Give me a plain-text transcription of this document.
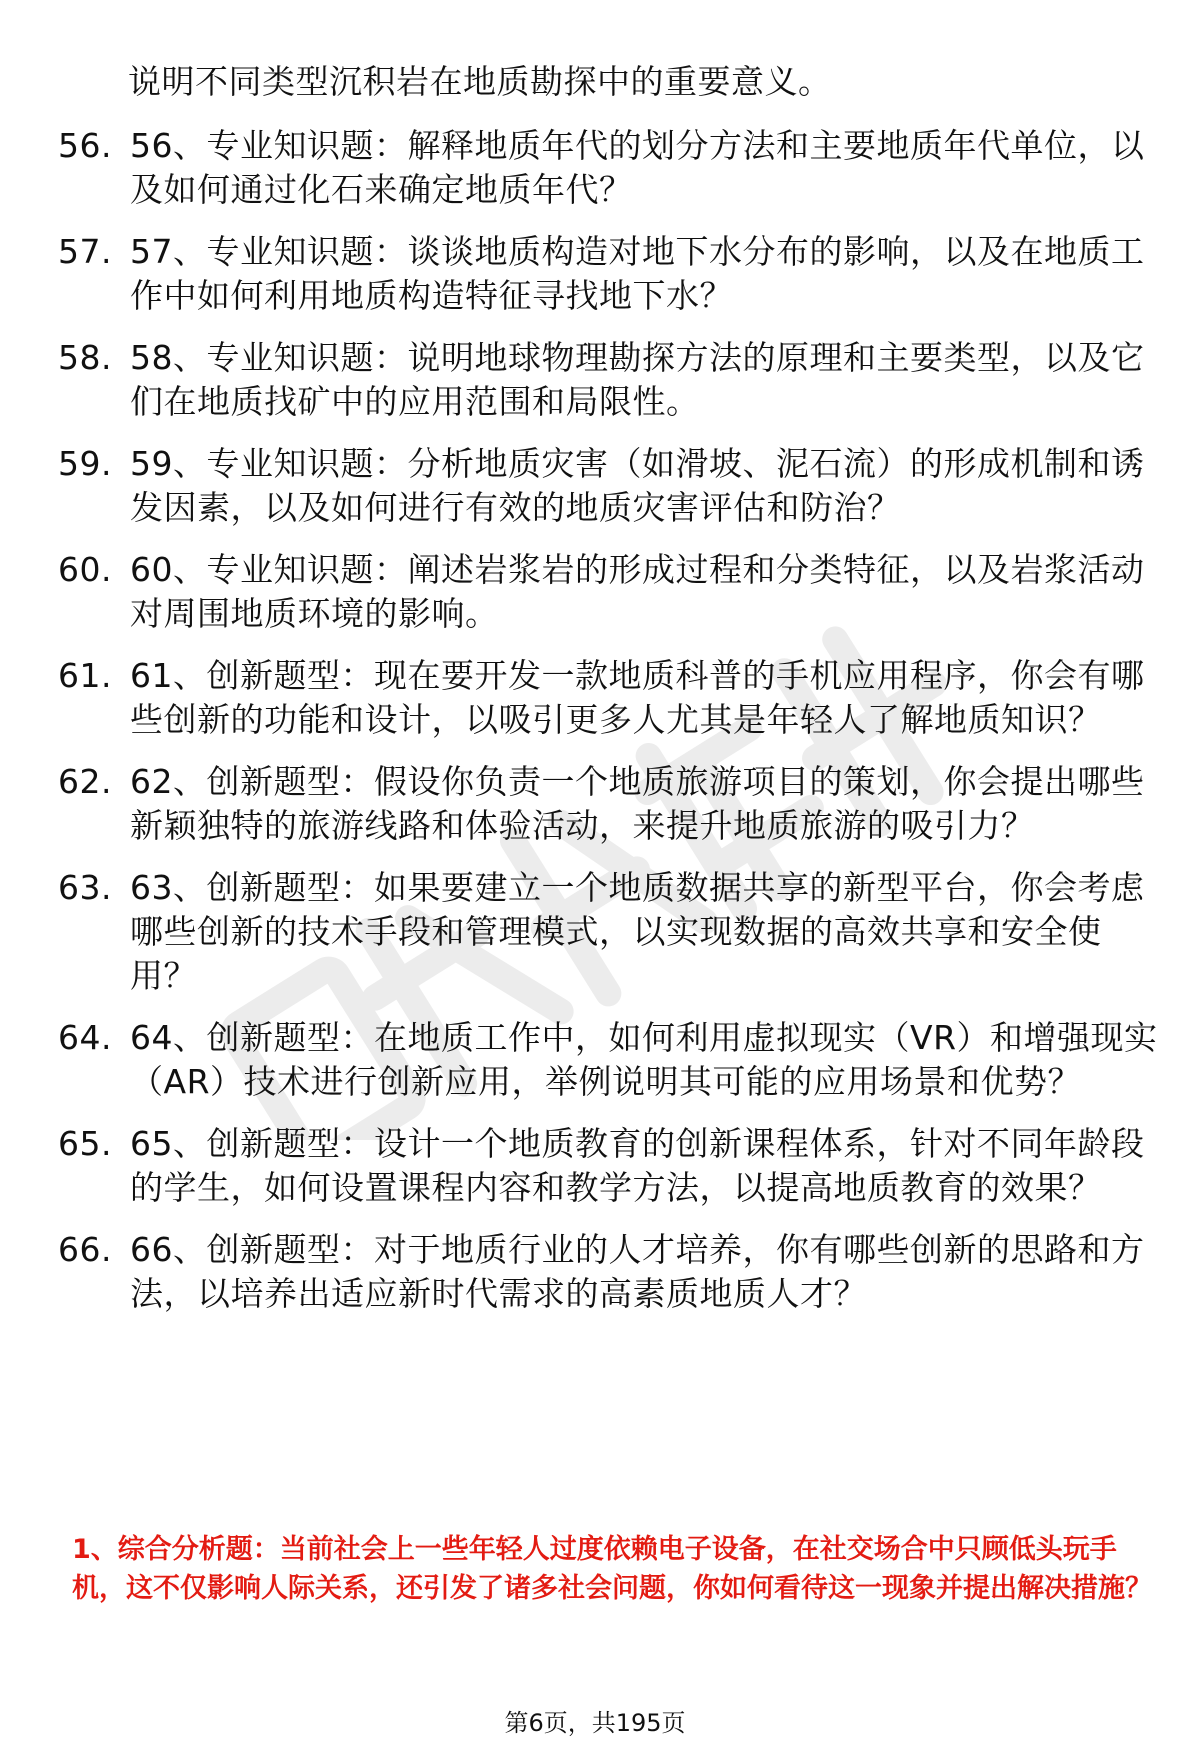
说明不同类型沉积岩在地质勘探中的重要意义。
56. 56、专业知识题：解释地质年代的划分方法和主要地质年代单位，以及如何通过化石来确定地质年代？
57. 57、专业知识题：谈谈地质构造对地下水分布的影响，以及在地质工作中如何利用地质构造特征寻找地下水？
58. 58、专业知识题：说明地球物理勘探方法的原理和主要类型，以及它们在地质找矿中的应用范围和局限性。
59. 59、专业知识题：分析地质灾害（如滑坡、泥石流）的形成机制和诱发因素，以及如何进行有效的地质灾害评估和防治？
60. 60、专业知识题：阐述岩浆岩的形成过程和分类特征，以及岩浆活动对周围地质环境的影响。
61. 61、创新题型：现在要开发一款地质科普的手机应用程序，你会有哪些创新的功能和设计，以吸引更多人尤其是年轻人了解地质知识？
62. 62、创新题型：假设你负责一个地质旅游项目的策划，你会提出哪些新颖独特的旅游线路和体验活动，来提升地质旅游的吸引力？
63. 63、创新题型：如果要建立一个地质数据共享的新型平台，你会考虑哪些创新的技术手段和管理模式，以实现数据的高效共享和安全使用？
64. 64、创新题型：在地质工作中，如何利用虚拟现实（VR）和增强现实（AR）技术进行创新应用，举例说明其可能的应用场景和优势？
65. 65、创新题型：设计一个地质教育的创新课程体系，针对不同年龄段的学生，如何设置课程内容和教学方法，以提高地质教育的效果？
66. 66、创新题型：对于地质行业的人才培养，你有哪些创新的思路和方法，以培养出适应新时代需求的高素质地质人才？
1、综合分析题：当前社会上一些年轻人过度依赖电子设备，在社交场合中只顾低头玩手机，这不仅影响人际关系，还引发了诸多社会问题，你如何看待这一现象并提出解决措施？
第6页，共195页
